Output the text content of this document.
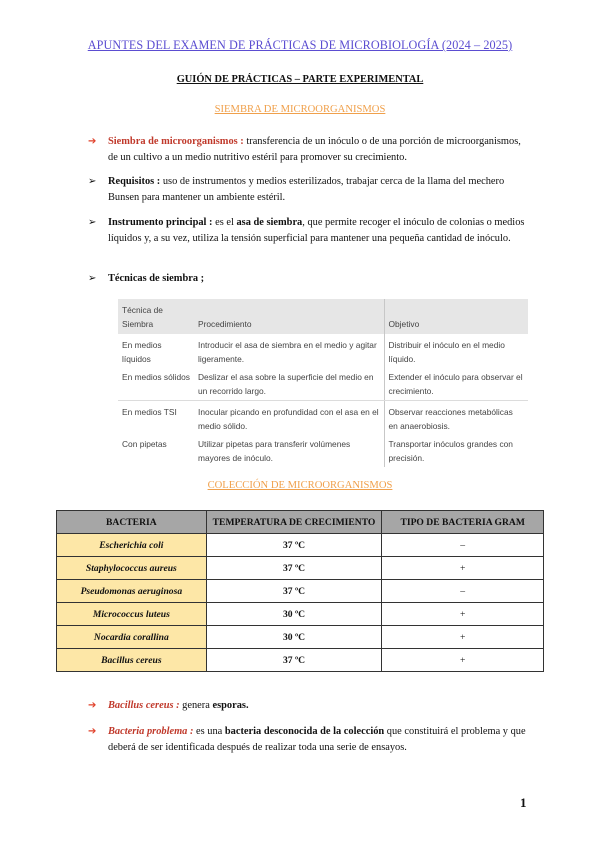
APUNTES DEL EXAMEN DE PRÁCTICAS DE MICROBIOLOGÍA (2024 – 2025)
GUIÓN DE PRÁCTICAS – PARTE EXPERIMENTAL
SIEMBRA DE MICROORGANISMOS
➔ Siembra de microorganismos : transferencia de un inóculo o de una porción de microorganismos, de un cultivo a un medio nutritivo estéril para promover su crecimiento.
➢ Requisitos : uso de instrumentos y medios esterilizados, trabajar cerca de la llama del mechero Bunsen para mantener un ambiente estéril.
➢ Instrumento principal : es el asa de siembra, que permite recoger el inóculo de colonias o medios líquidos y, a su vez, utiliza la tensión superficial para mantener una pequeña cantidad de inóculo.
➢ Técnicas de siembra ;
Técnica de Siembra	Procedimiento	Objetivo
En medios líquidos	Introducir el asa de siembra en el medio y agitar ligeramente.	Distribuir el inóculo en el medio líquido.
En medios sólidos	Deslizar el asa sobre la superficie del medio en un recorrido largo.	Extender el inóculo para observar el crecimiento.
En medios TSI	Inocular picando en profundidad con el asa en el medio sólido.	Observar reacciones metabólicas en anaerobiosis.
Con pipetas	Utilizar pipetas para transferir volúmenes mayores de inóculo.	Transportar inóculos grandes con precisión.
COLECCIÓN DE MICROORGANISMOS
BACTERIA	TEMPERATURA DE CRECIMIENTO	TIPO DE BACTERIA GRAM
Escherichia coli	37 ºC	–
Staphylococcus aureus	37 ºC	+
Pseudomonas aeruginosa	37 ºC	–
Micrococcus luteus	30 ºC	+
Nocardia corallina	30 ºC	+
Bacillus cereus	37 ºC	+
➔ Bacillus cereus : genera esporas.
➔ Bacteria problema : es una bacteria desconocida de la colección que constituirá el problema y que deberá de ser identificada después de realizar toda una serie de ensayos.
1
